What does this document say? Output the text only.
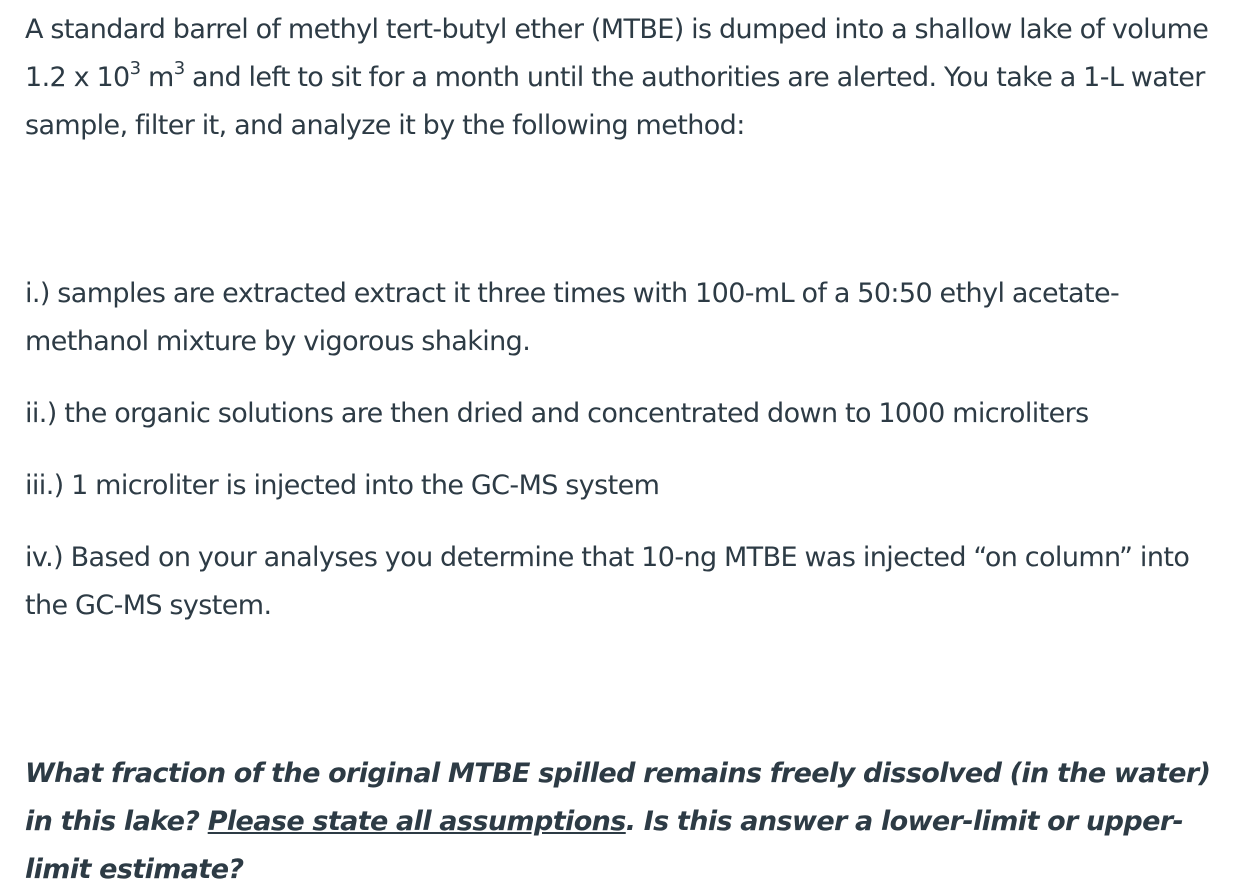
A standard barrel of methyl tert-butyl ether (MTBE) is dumped into a shallow lake of volume 1.2 x $10^3$ $m^3$ and left to sit for a month until the authorities are alerted. You take a 1-L water sample, filter it, and analyze it by the following method:

i.) samples are extracted extract it three times with 100-mL of a 50:50 ethyl acetate-methanol mixture by vigorous shaking.

ii.) the organic solutions are then dried and concentrated down to 1000 microliters

iii.) 1 microliter is injected into the GC-MS system

iv.) Based on your analyses you determine that 10-ng MTBE was injected “on column” into the GC-MS system.

What fraction of the original MTBE spilled remains freely dissolved (in the water) in this lake? Please state all assumptions. Is this answer a lower-limit or upper-limit estimate?
